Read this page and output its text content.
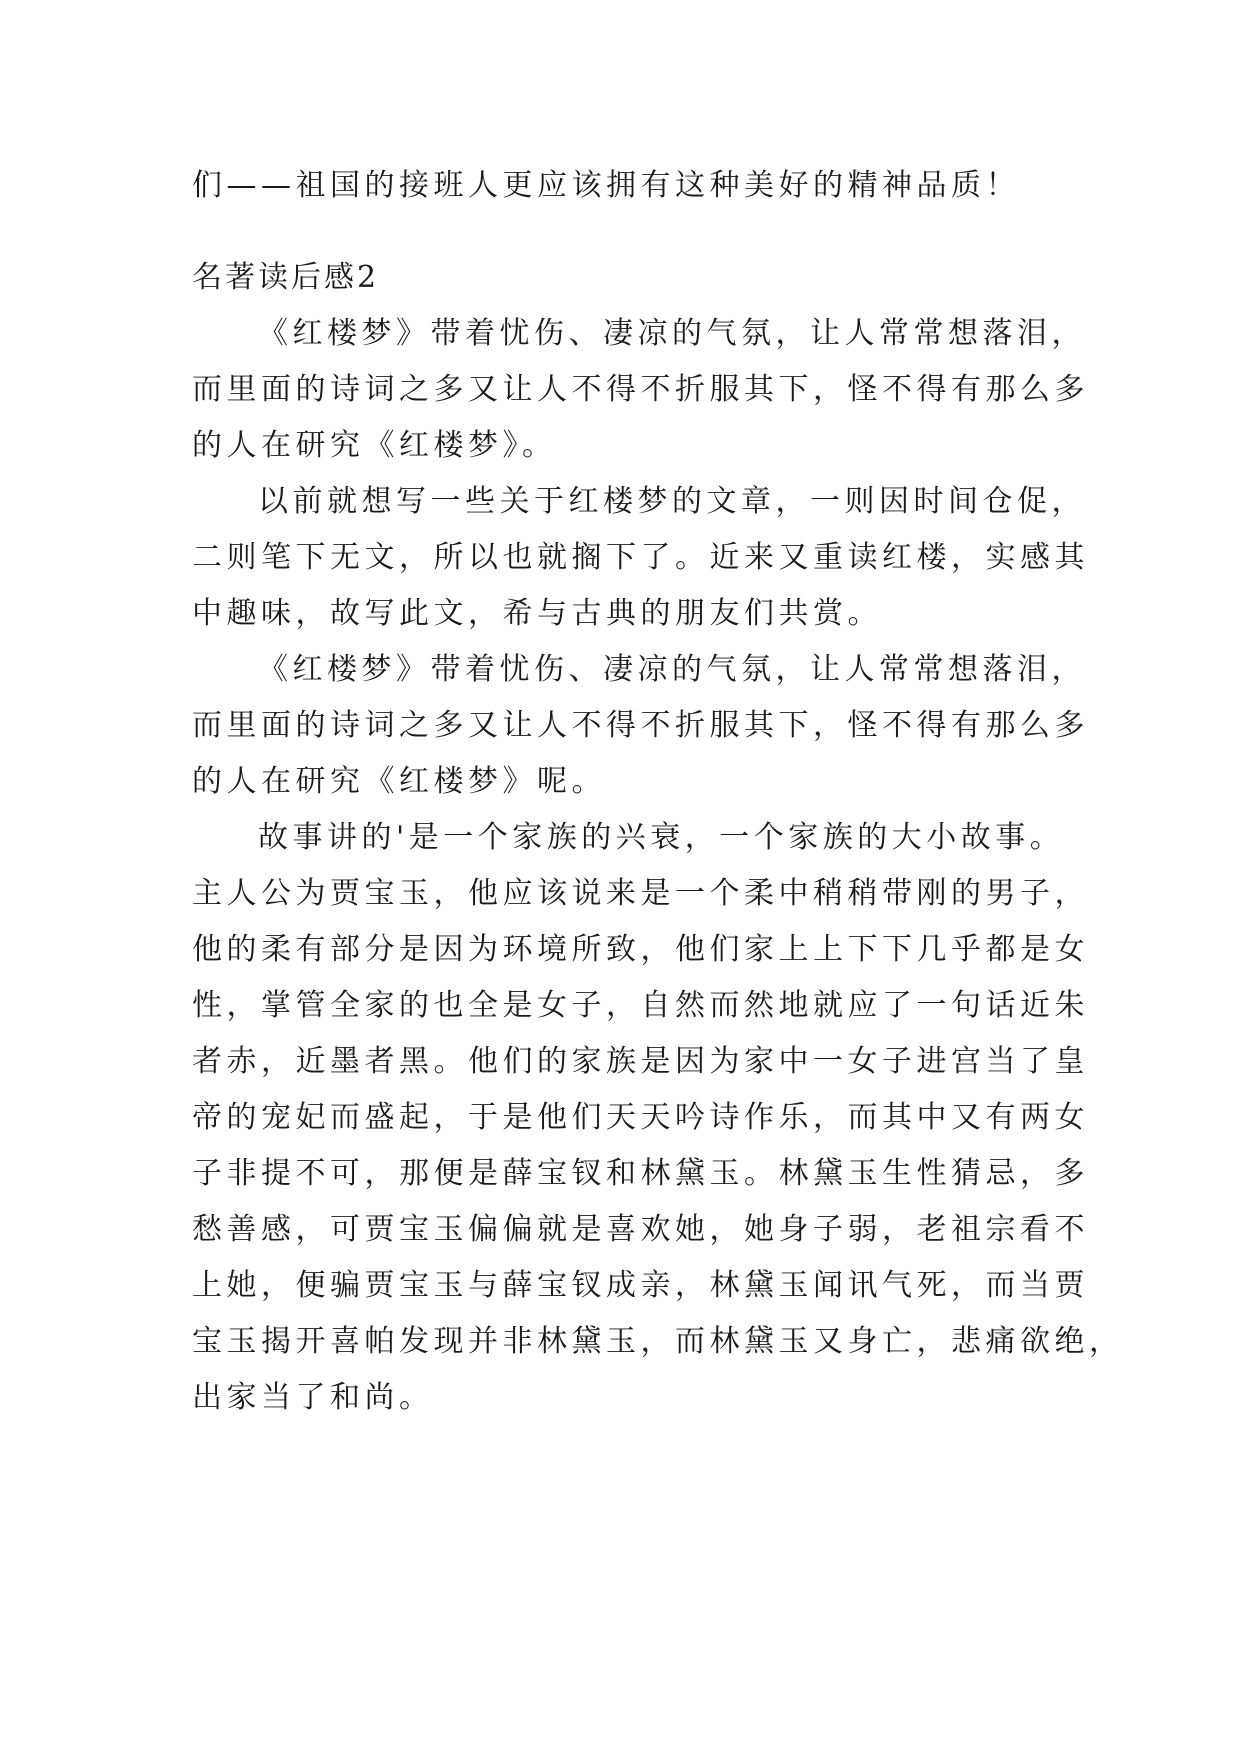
们——祖国的接班人更应该拥有这种美好的精神品质！
名著读后感2
《红楼梦》带着忧伤、凄凉的气氛，让人常常想落泪，
而里面的诗词之多又让人不得不折服其下，怪不得有那么多
的人在研究《红楼梦》。
以前就想写一些关于红楼梦的文章，一则因时间仓促，
二则笔下无文，所以也就搁下了。近来又重读红楼，实感其
中趣味，故写此文，希与古典的朋友们共赏。
《红楼梦》带着忧伤、凄凉的气氛，让人常常想落泪，
而里面的诗词之多又让人不得不折服其下，怪不得有那么多
的人在研究《红楼梦》呢。
故事讲的'是一个家族的兴衰，一个家族的大小故事。
主人公为贾宝玉，他应该说来是一个柔中稍稍带刚的男子，
他的柔有部分是因为环境所致，他们家上上下下几乎都是女
性，掌管全家的也全是女子，自然而然地就应了一句话近朱
者赤，近墨者黑。他们的家族是因为家中一女子进宫当了皇
帝的宠妃而盛起，于是他们天天吟诗作乐，而其中又有两女
子非提不可，那便是薛宝钗和林黛玉。林黛玉生性猜忌，多
愁善感，可贾宝玉偏偏就是喜欢她，她身子弱，老祖宗看不
上她，便骗贾宝玉与薛宝钗成亲，林黛玉闻讯气死，而当贾
宝玉揭开喜帕发现并非林黛玉，而林黛玉又身亡，悲痛欲绝，
出家当了和尚。
